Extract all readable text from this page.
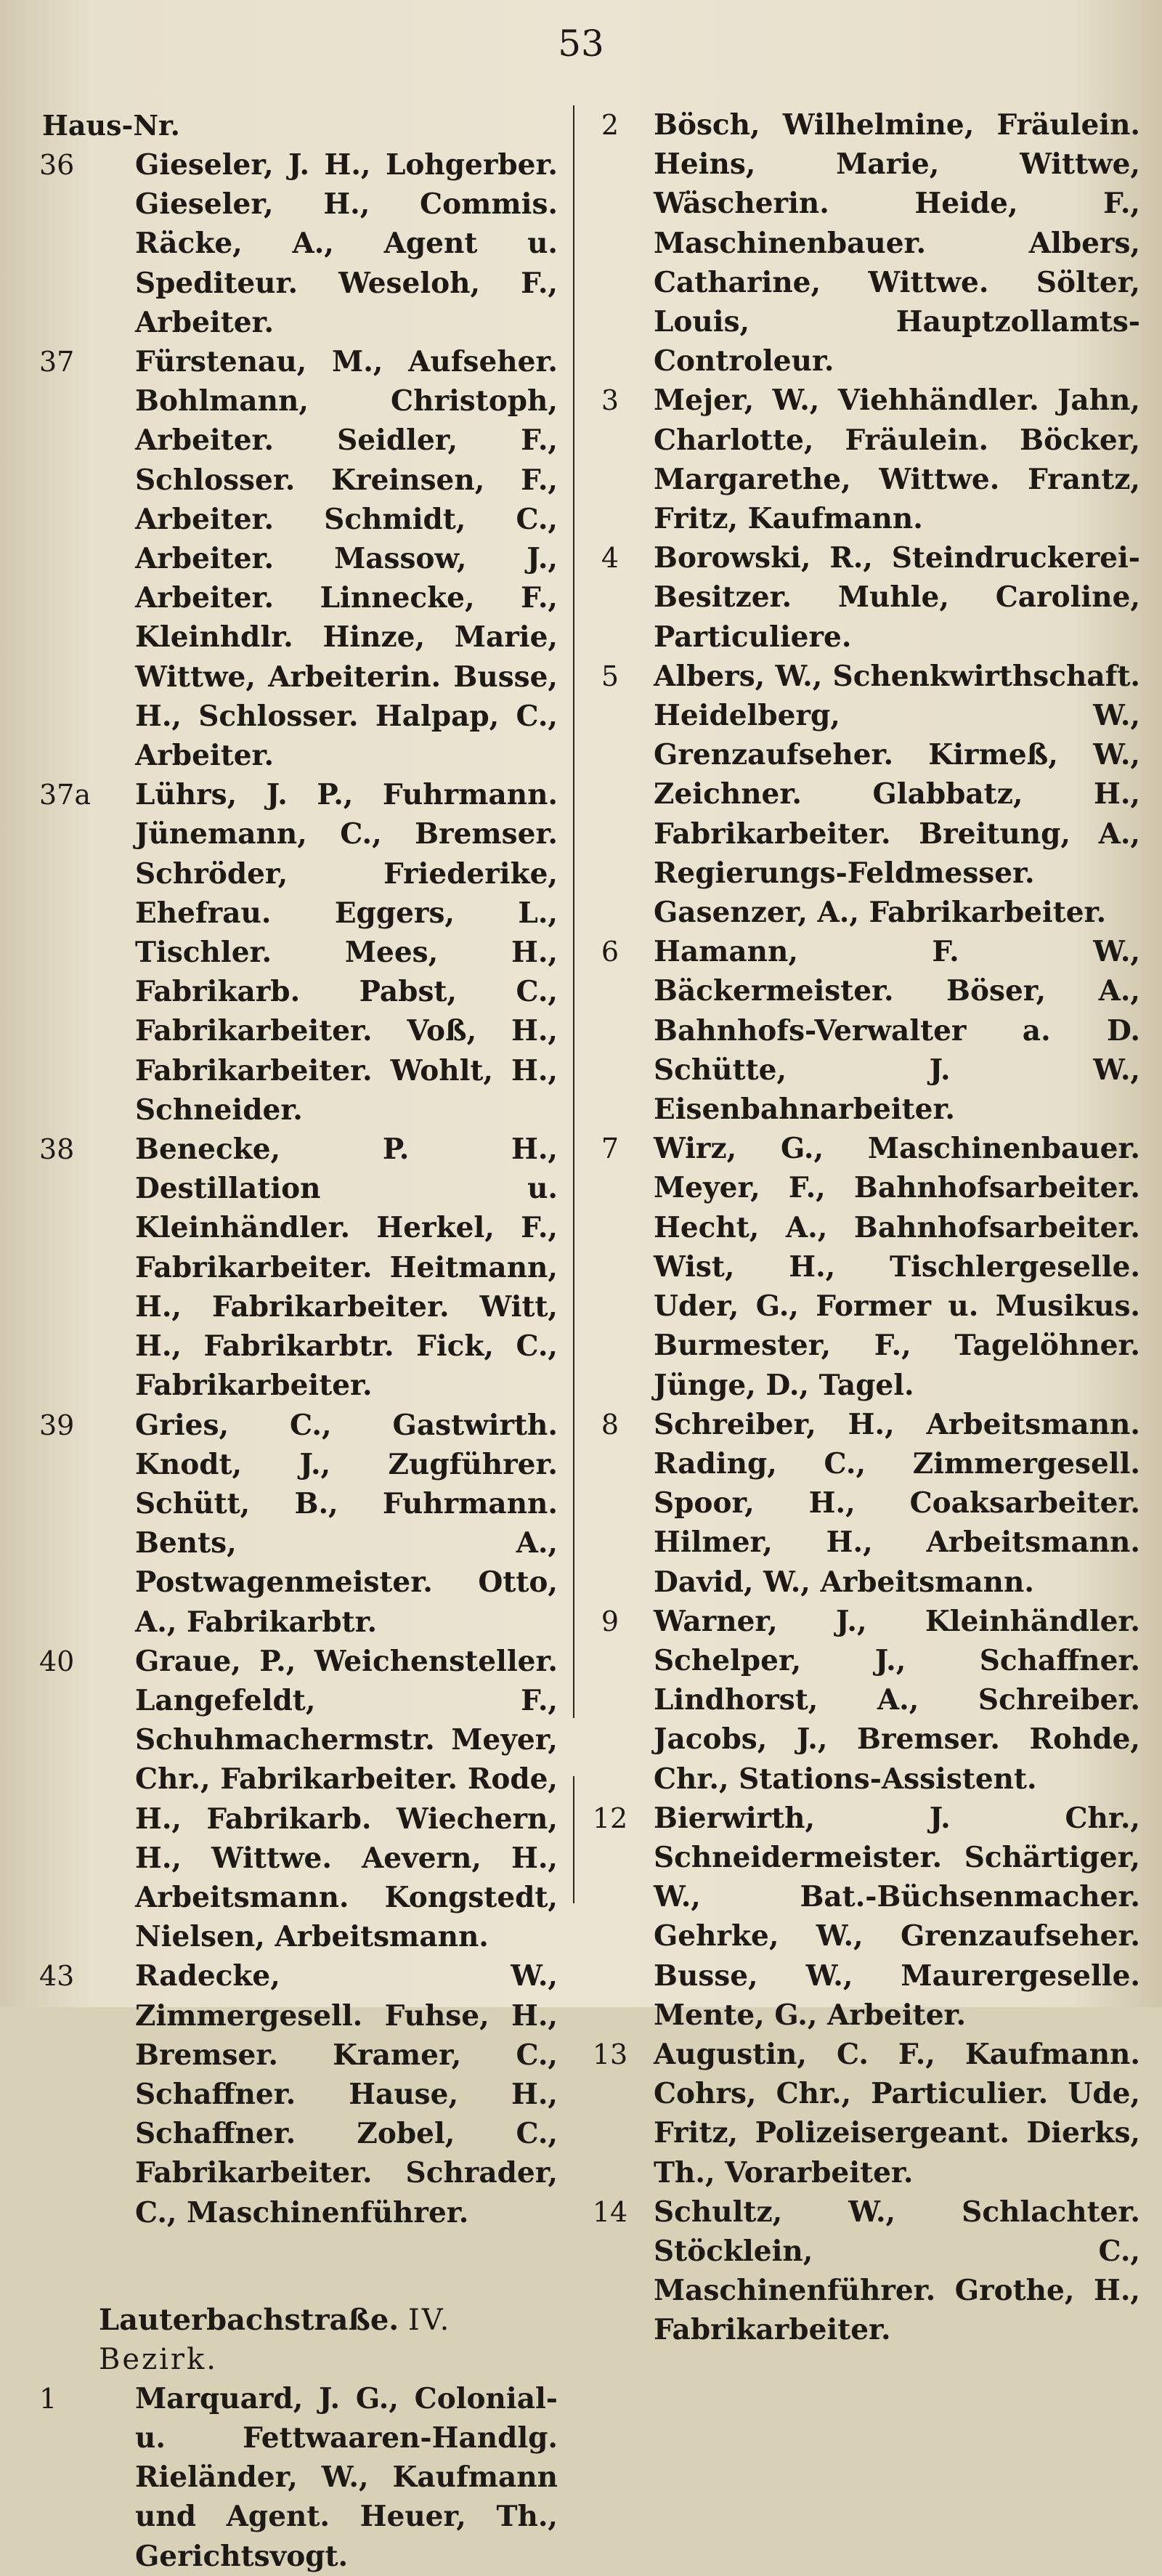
53
Haus-Nr.
36	Gieseler, J. H., Lohgerber. Gieseler, H., Commis. Räcke, A., Agent u. Spediteur. Weseloh, F., Arbeiter.
37	Fürstenau, M., Aufseher. Bohlmann, Christoph, Arbeiter. Seidler, F., Schlosser. Kreinsen, F., Arbeiter. Schmidt, C., Arbeiter. Massow, J., Arbeiter. Linnecke, F., Kleinhdlr. Hinze, Marie, Wittwe, Arbeiterin. Busse, H., Schlosser. Halpap, C., Arbeiter.
37a	Lührs, J. P., Fuhrmann. Jünemann, C., Bremser. Schröder, Friederike, Ehefrau. Eggers, L., Tischler. Mees, H., Fabrikarb. Pabst, C., Fabrikarbeiter. Voß, H., Fabrikarbeiter. Wohlt, H., Schneider.
38	Benecke, P. H., Destillation u. Kleinhändler. Herkel, F., Fabrikarbeiter. Heitmann, H., Fabrikarbeiter. Witt, H., Fabrikarbtr. Fick, C., Fabrikarbeiter.
39	Gries, C., Gastwirth. Knodt, J., Zugführer. Schütt, B., Fuhrmann. Bents, A., Postwagenmeister. Otto, A., Fabrikarbtr.
40	Graue, P., Weichensteller. Langefeldt, F., Schuhmachermstr. Meyer, Chr., Fabrikarbeiter. Rode, H., Fabrikarb. Wiechern, H., Wittwe. Aevern, H., Arbeitsmann. Kongstedt, Nielsen, Arbeitsmann.
43	Radecke, W., Zimmergesell. Fuhse, H., Bremser. Kramer, C., Schaffner. Hause, H., Schaffner. Zobel, C., Fabrikarbeiter. Schrader, C., Maschinenführer.
Lauterbachstraße. IV. Bezirk.
1	Marquard, J. G., Colonial- u. Fettwaaren-Handlg. Rieländer, W., Kaufmann und Agent. Heuer, Th., Gerichtsvogt.
2	Bösch, Wilhelmine, Fräulein. Heins, Marie, Wittwe, Wäscherin. Heide, F., Maschinenbauer. Albers, Catharine, Wittwe. Sölter, Louis, Hauptzollamts-Controleur.
3	Mejer, W., Viehhändler. Jahn, Charlotte, Fräulein. Böcker, Margarethe, Wittwe. Frantz, Fritz, Kaufmann.
4	Borowski, R., Steindruckerei-Besitzer. Muhle, Caroline, Particuliere.
5	Albers, W., Schenkwirthschaft. Heidelberg, W., Grenzaufseher. Kirmeß, W., Zeichner. Glabbatz, H., Fabrikarbeiter. Breitung, A., Regierungs-Feldmesser. Gasenzer, A., Fabrikarbeiter.
6	Hamann, F. W., Bäckermeister. Böser, A., Bahnhofs-Verwalter a. D. Schütte, J. W., Eisenbahnarbeiter.
7	Wirz, G., Maschinenbauer. Meyer, F., Bahnhofsarbeiter. Hecht, A., Bahnhofsarbeiter. Wist, H., Tischlergeselle. Uder, G., Former u. Musikus. Burmester, F., Tagelöhner. Jünge, D., Tagel.
8	Schreiber, H., Arbeitsmann. Rading, C., Zimmergesell. Spoor, H., Coaksarbeiter. Hilmer, H., Arbeitsmann. David, W., Arbeitsmann.
9	Warner, J., Kleinhändler. Schelper, J., Schaffner. Lindhorst, A., Schreiber. Jacobs, J., Bremser. Rohde, Chr., Stations-Assistent.
12 Bierwirth, J. Chr., Schneidermeister. Schärtiger, W., Bat.-Büchsenmacher. Gehrke, W., Grenzaufseher. Busse, W., Maurergeselle. Mente, G., Arbeiter.
13 Augustin, C. F., Kaufmann. Cohrs, Chr., Particulier. Ude, Fritz, Polizeisergeant. Dierks, Th., Vorarbeiter.
14 Schultz, W., Schlachter. Stöcklein, C., Maschinenführer. Grothe, H., Fabrikarbeiter.
